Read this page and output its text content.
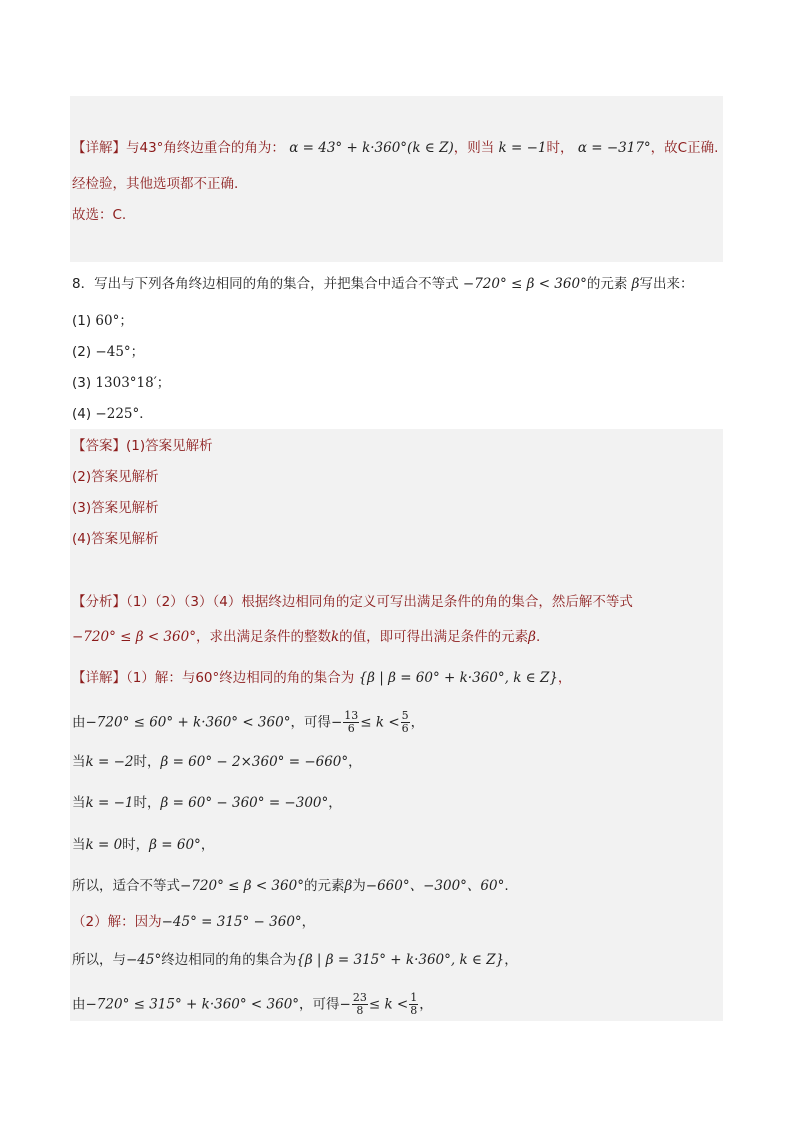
【详解】与43°角终边重合的角为： α = 43° + k·360°(k ∈ Z)，则当 k = −1时， α = −317°，故C正确.
经检验，其他选项都不正确.
故选：C.
8．写出与下列各角终边相同的角的集合，并把集合中适合不等式 −720° ≤ β < 360°的元素 β写出来：
(1) 60°；
(2) −45°；
(3) 1303°18′；
(4) −225°．
【答案】(1)答案见解析
(2)答案见解析
(3)答案见解析
(4)答案见解析
【分析】（1）（2）（3）（4）根据终边相同角的定义可写出满足条件的角的集合，然后解不等式
−720° ≤ β < 360°，求出满足条件的整数k的值，即可得出满足条件的元素β.
【详解】（1）解：与60°终边相同的角的集合为 {β | β = 60° + k·360°, k ∈ Z}，
由−720° ≤ 60° + k·360° < 360°，可得− $\frac{13}{6} \le k < \frac{5}{6}$ ，
当k = −2时，β = 60° − 2×360° = −660°，
当k = −1时，β = 60° − 360° = −300°，
当k = 0时，β = 60°，
所以，适合不等式−720° ≤ β < 360°的元素β为−660°、−300°、60°.
（2）解：因为−45° = 315° − 360°，
所以，与−45°终边相同的角的集合为{β | β = 315° + k·360°, k ∈ Z}，
由−720° ≤ 315° + k·360° < 360°，可得− $\frac{23}{8} \le k < \frac{1}{8}$ ，
